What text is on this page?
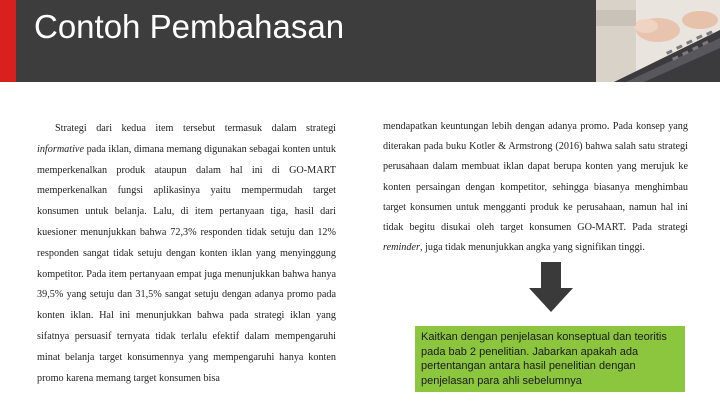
Contoh Pembahasan

Strategi dari kedua item tersebut termasuk dalam strategi informative pada iklan, dimana memang digunakan sebagai konten untuk memperkenalkan produk ataupun dalam hal ini di GO-MART memperkenalkan fungsi aplikasinya yaitu mempermudah target konsumen untuk belanja. Lalu, di item pertanyaan tiga, hasil dari kuesioner menunjukkan bahwa 72,3% responden tidak setuju dan 12% responden sangat tidak setuju dengan konten iklan yang menyinggung kompetitor. Pada item pertanyaan empat juga menunjukkan bahwa hanya 39,5% yang setuju dan 31,5% sangat setuju dengan adanya promo pada konten iklan. Hal ini menunjukkan bahwa pada strategi iklan yang sifatnya persuasif ternyata tidak terlalu efektif dalam mempengaruhi minat belanja target konsumennya yang mempengaruhi hanya konten promo karena memang target konsumen bisa

mendapatkan keuntungan lebih dengan adanya promo. Pada konsep yang diterakan pada buku Kotler & Armstrong (2016) bahwa salah satu strategi perusahaan dalam membuat iklan dapat berupa konten yang merujuk ke konten persaingan dengan kompetitor, sehingga biasanya menghimbau target konsumen untuk mengganti produk ke perusahaan, namun hal ini tidak begitu disukai oleh target konsumen GO-MART. Pada strategi reminder, juga tidak menunjukkan angka yang signifikan tinggi.

Kaitkan dengan penjelasan konseptual dan teoritis pada bab 2 penelitian. Jabarkan apakah ada pertentangan antara hasil penelitian dengan penjelasan para ahli sebelumnya
